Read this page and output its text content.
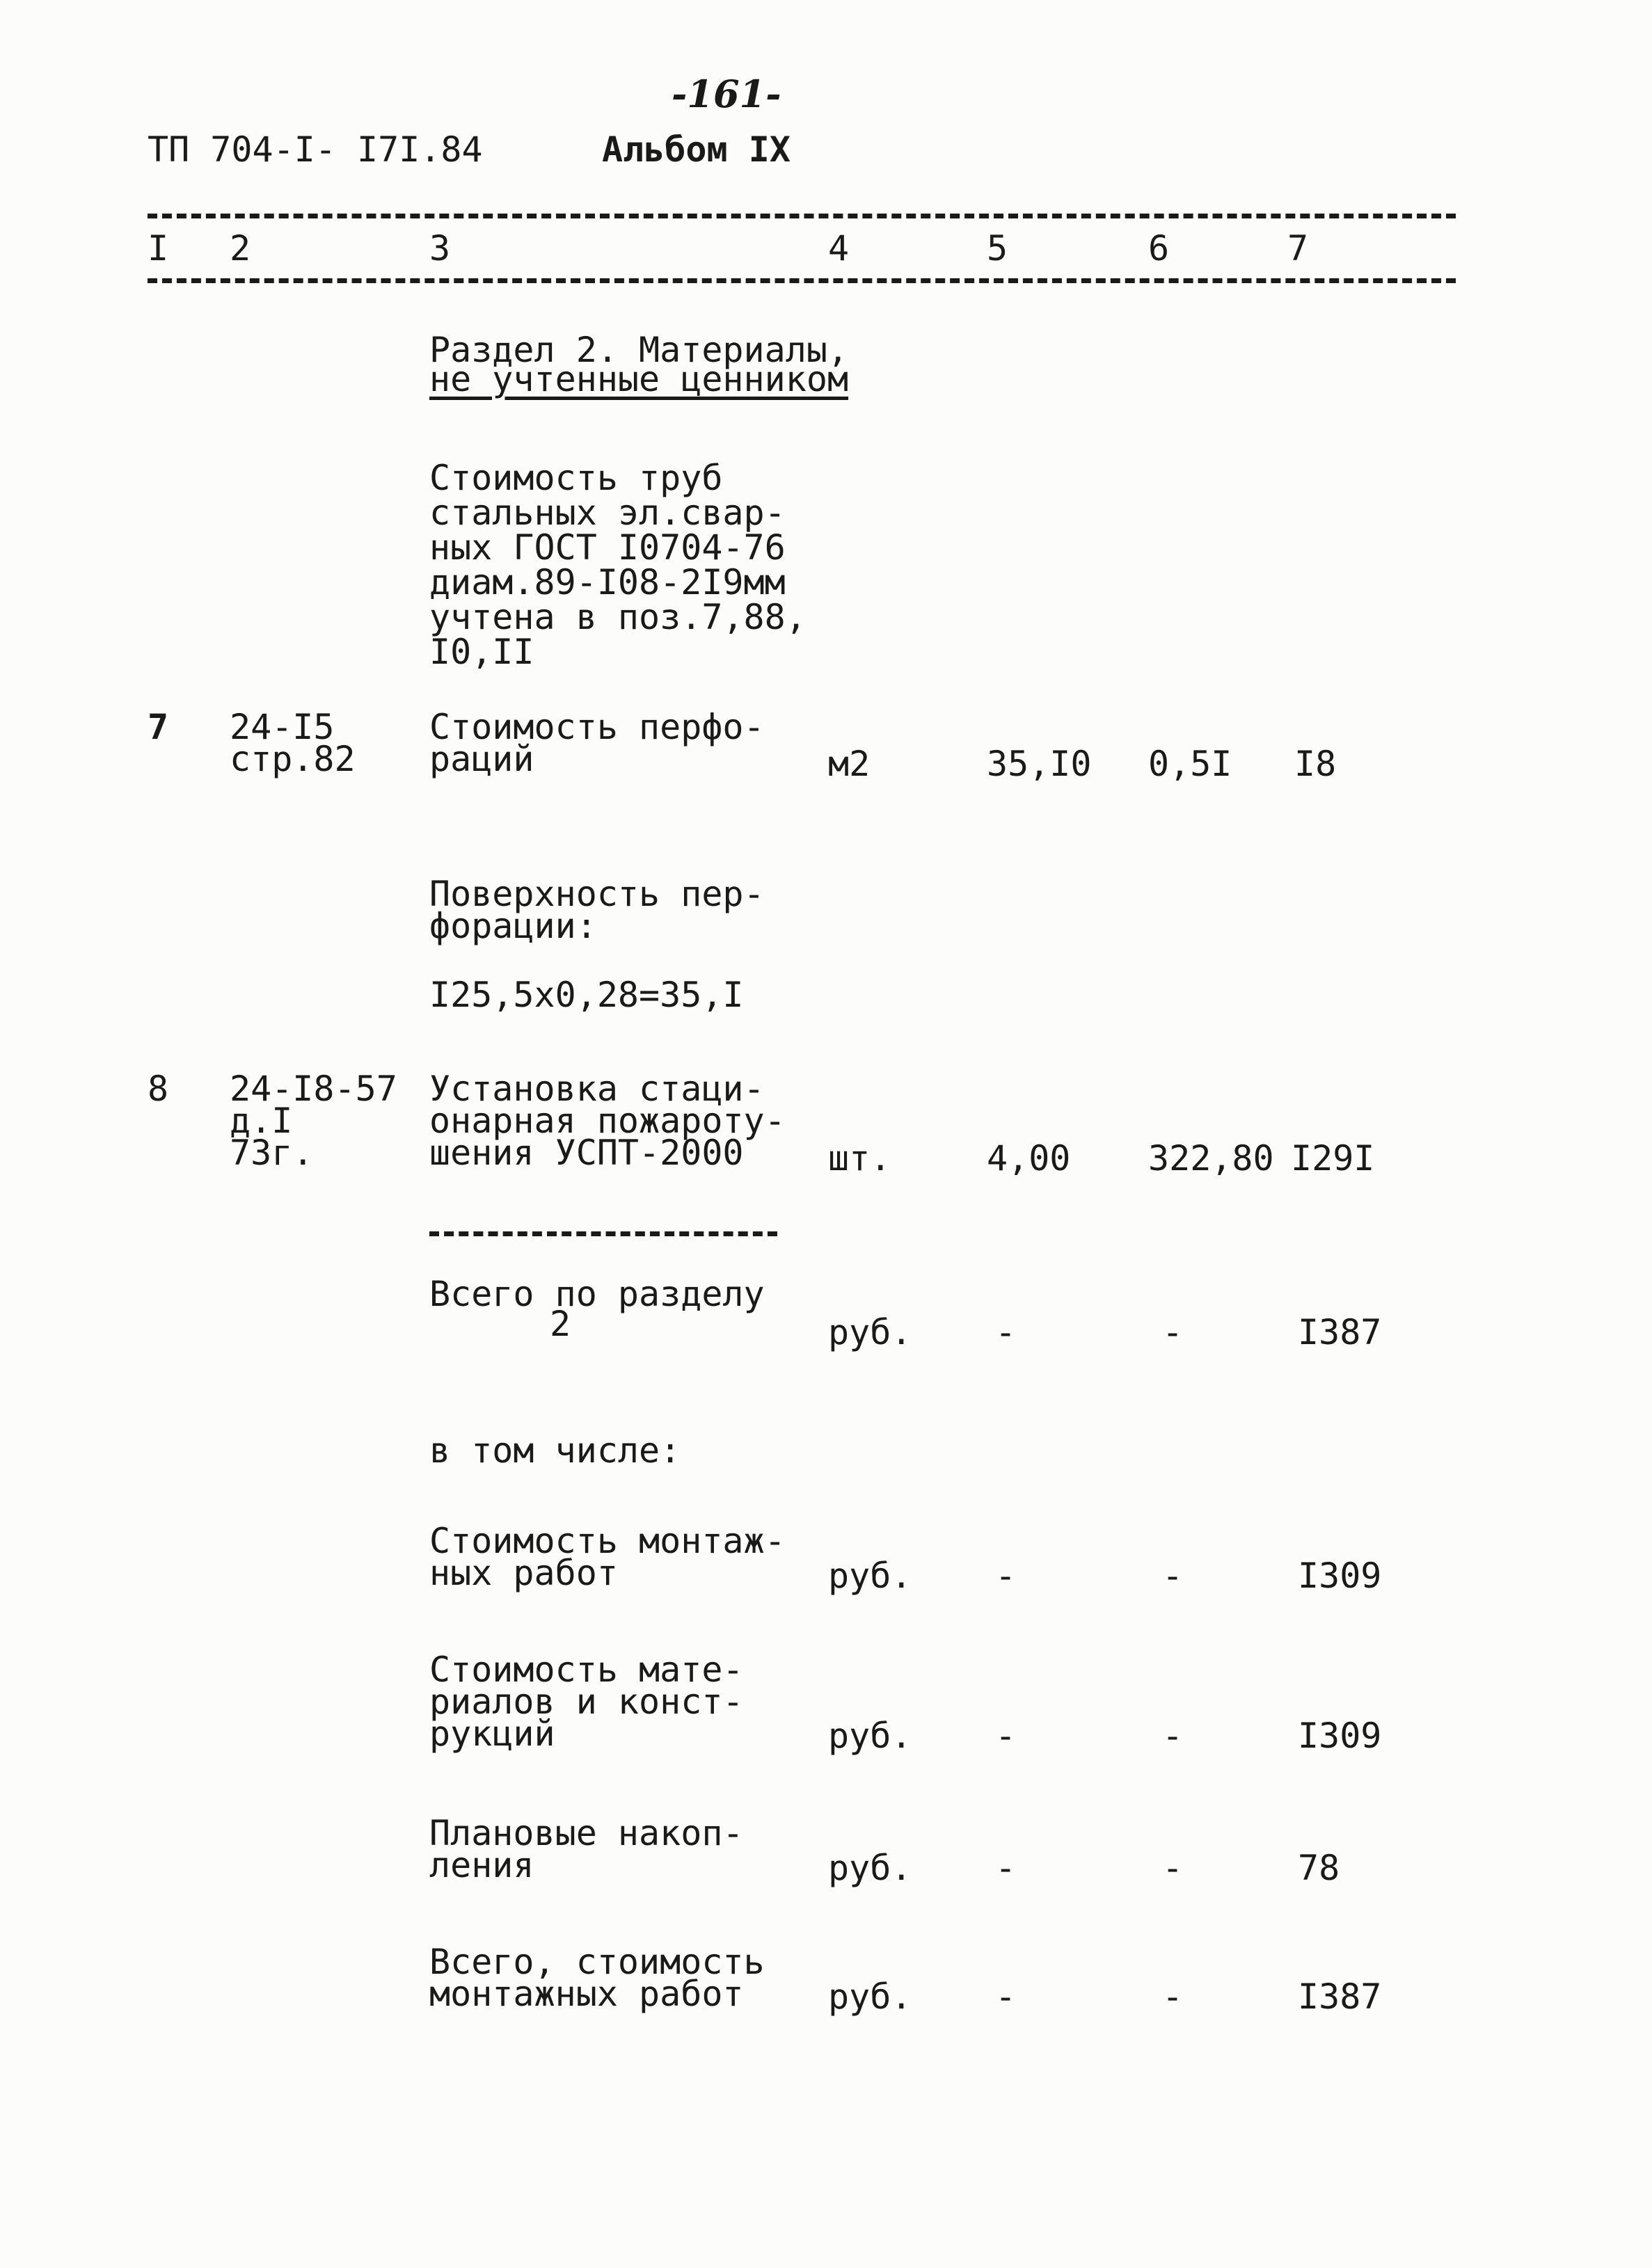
-161-
ТП 704-I- I7I.84	Альбом IX
I 2	3	4	5	6	7
Раздел 2. Материалы,
не учтенные ценником
Стоимость труб
стальных эл.свар-
ных ГОСТ I0704-76
диам.89-I08-2I9мм
учтена в поз.7,88,
I0,II
7 24-I5
стр.82
Стоимость перфо-
раций	м2	35,I0 0,5I I8
Поверхность пер-
форации:
I25,5х0,28=35,I
8 24-I8-57
д.I
73г.
Установка стаци-
онарная пожароту-
шения УСПТ-2000 шт.	4,00 322,80 I29I
Всего по разделу
2	руб. -	-	I387
в том числе:
Стоимость монтаж-
ных работ	руб. -	-	I309
Стоимость мате-
риалов и конст-
рукций	руб. -	-	I309
Плановые накоп-
ления	руб. -	-	78
Всего, стоимость
монтажных работ руб. -	-	I387
